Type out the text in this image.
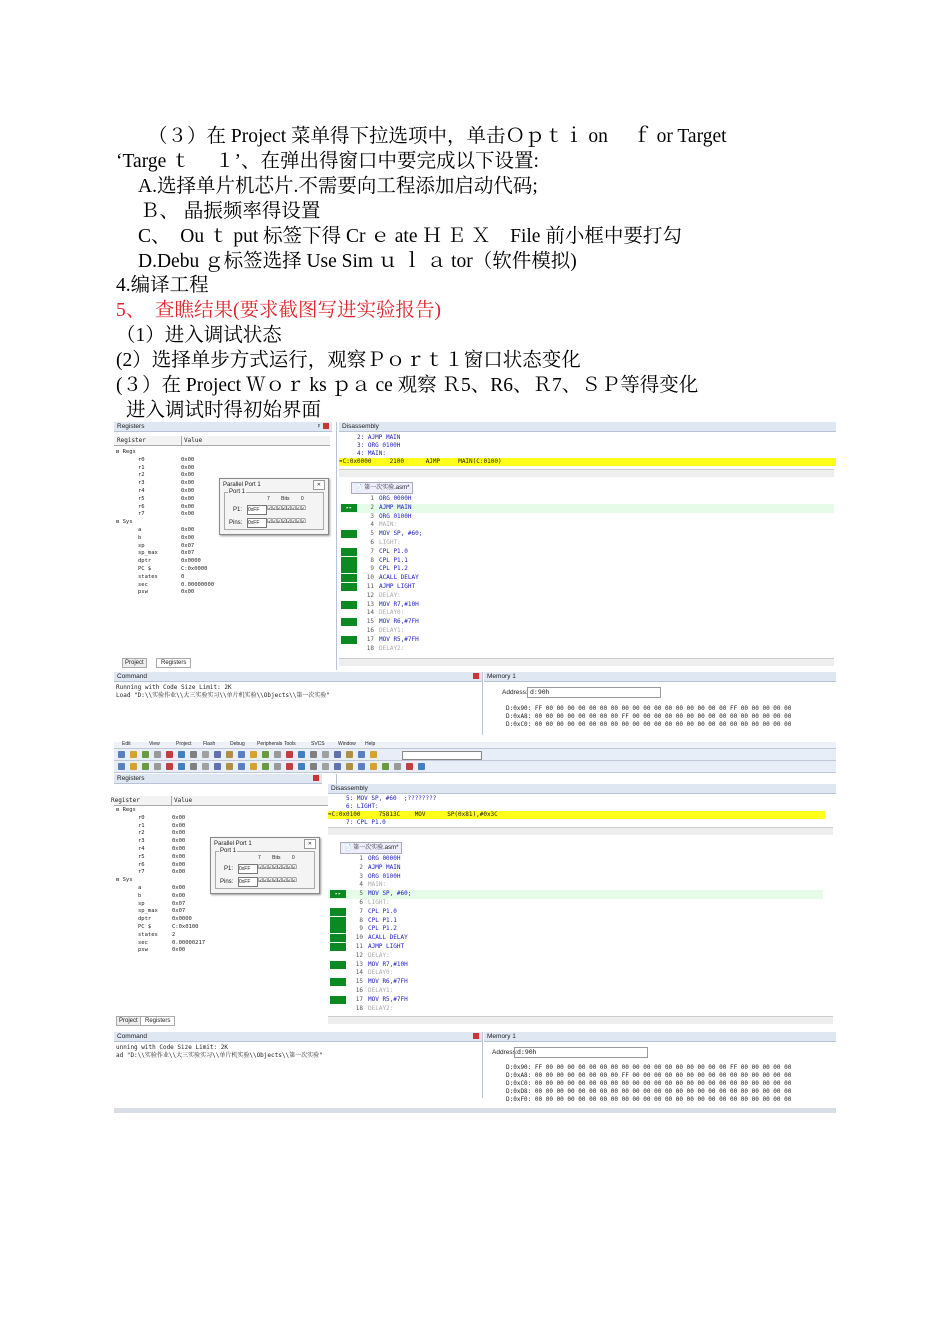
（３）在 Project 菜单得下拉选项中，单击Ｏｐｔｉ on　 ｆ or Target
‘Targe ｔ　 １’、在弹出得窗口中要完成以下设置:
A.选择单片机芯片.不需要向工程添加启动代码;
Ｂ、 晶振频率得设置
C、　Ou ｔ put 标签下得 Cr ｅ ate Ｈ Ｅ Ｘ　File 前小框中要打勾
D.Debu ｇ标签选择 Use Sim ｕ ｌ ａ tor（软件模拟)
4.编译工程
5、　查瞧结果(要求截图写进实验报告)
（1）进入调试状态
(2）选择单步方式运行，观察Ｐｏｒｔ１窗口状态变化
(３）在 Project Ｗｏｒ ks ｐａ ce 观察 Ｒ5、R6、Ｒ7、ＳＰ等得变化
进入调试时得初始界面
Registers	ᵖ
Register	Value
⊟ Regs
r0	0x00
r1	0x00
r2	0x00
r3	0x00
r4	0x00
r5	0x00
r6	0x00
r7	0x00
⊟ Sys
a	0x00
b	0x00
sp	0x07
sp_max	0x07
dptr	0x0000
PC $	C:0x0000
states	0
sec	0.00000000
psw	0x00
Project	Registers
Parallel Port 1	✕
Port 1
7　　 Bits　　 0
P1: 0xFF	☑☑☑☑☑☑☑☑
Pins: 0xFF	☑☑☑☑☑☑☑☑
Disassembly
2: AJMP MAIN
3: ORG 0100H
4: MAIN:
➡C:0x0000     2100      AJMP     MAIN(C:0100)
📄 第一次实验.asm*
1 ORG 0000H
▸▸	2 AJMP MAIN
3 ORG 0100H
4 MAIN:
5 MOV SP, #60;
6 LIGHT:
7 CPL P1.0
8 CPL P1.1
9 CPL P1.2
10 ACALL DELAY
11 AJMP LIGHT
12 DELAY:
13 MOV R7,#10H
14 DELAY0:
15 MOV R6,#7FH
16 DELAY1:
17 MOV R5,#7FH
18 DELAY2:
Command
Running with Code Size Limit: 2K
Load "D:\\实验作业\\大三实验实习\\单片机实验\\Objects\\第一次实验"
Memory 1
Address: d:90h
D:0x90: FF 00 00 00 00 00 00 00 00 00 00 00 00 00 00 00 00 00 FF 00 00 00 00 00
D:0xA8: 00 00 00 00 00 00 00 00 FF 00 00 00 00 00 00 00 00 00 00 00 00 00 00 00
D:0xC0: 00 00 00 00 00 00 00 00 00 00 00 00 00 00 00 00 00 00 00 00 00 00 00 00
Edit	View	Project Flash	Debug Peripherals Tools	SVCS	Window Help
Registers
Register	Value
⊟ Regs
r0	0x00
r1	0x00
r2	0x00
r3	0x00
r4	0x00
r5	0x00
r6	0x00
r7	0x00
⊟ Sys
a	0x00
b	0x00
sp	0x07
sp_max	0x07
dptr	0x0000
PC $	C:0x0100
states	2
sec	0.00000217
psw	0x00
Project	Registers
Parallel Port 1	✕
Port 1
7　　 Bits　　 0
P1: 0xFF	☑☑☑☑☑☑☑☑
Pins: 0xFF	☑☑☑☑☑☑☑☑
Disassembly
5: MOV SP, #60  ;????????
6: LIGHT:
➡C:0x0100     75813C    MOV      SP(0x81),#0x3C
7: CPL P1.0
📄 第一次实验.asm*
1 ORG 0000H
2 AJMP MAIN
3 ORG 0100H
4 MAIN:
▸▸	5 MOV SP, #60;
6 LIGHT:
7 CPL P1.0
8 CPL P1.1
9 CPL P1.2
10 ACALL DELAY
11 AJMP LIGHT
12 DELAY:
13 MOV R7,#10H
14 DELAY0:
15 MOV R6,#7FH
16 DELAY1:
17 MOV R5,#7FH
18 DELAY2:
Command
unning with Code Size Limit: 2K
ad "D:\\实验作业\\大三实验实习\\单片机实验\\Objects\\第一次实验"
Memory 1
Address: d:90h
D:0x90: FF 00 00 00 00 00 00 00 00 00 00 00 00 00 00 00 00 00 FF 00 00 00 00 00
D:0xA8: 00 00 00 00 00 00 00 00 FF 00 00 00 00 00 00 00 00 00 00 00 00 00 00 00
D:0xC0: 00 00 00 00 00 00 00 00 00 00 00 00 00 00 00 00 00 00 00 00 00 00 00 00
D:0xD8: 00 00 00 00 00 00 00 00 00 00 00 00 00 00 00 00 00 00 00 00 00 00 00 00
D:0xF0: 00 00 00 00 00 00 00 00 00 00 00 00 00 00 00 00 00 00 00 00 00 00 00 00
